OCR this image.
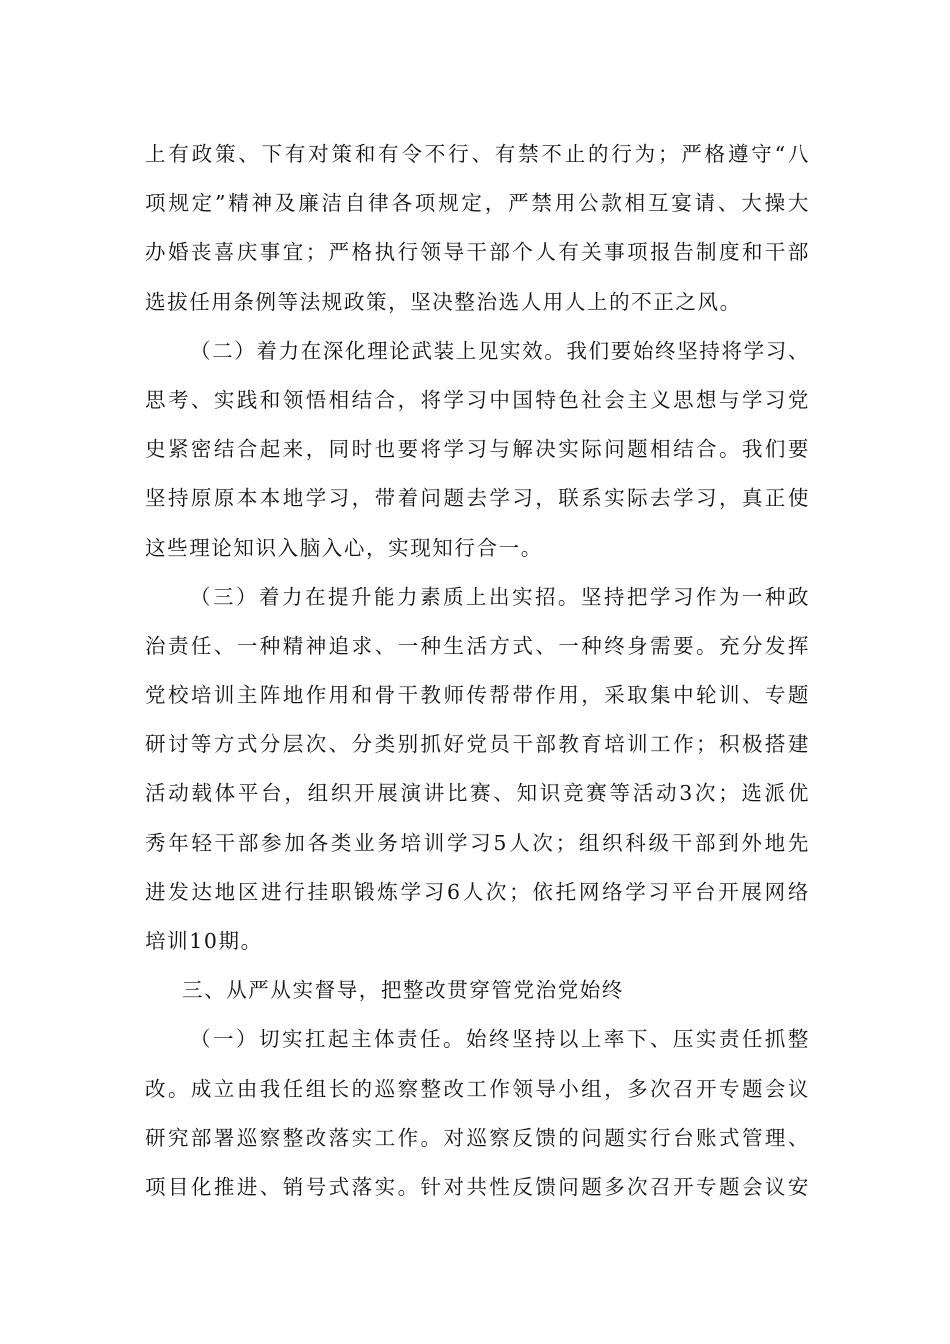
上有政策、下有对策和有令不行、有禁不止的行为；严格遵守“八
项规定”精神及廉洁自律各项规定，严禁用公款相互宴请、大操大
办婚丧喜庆事宜；严格执行领导干部个人有关事项报告制度和干部
选拔任用条例等法规政策，坚决整治选人用人上的不正之风。
（二）着力在深化理论武装上见实效。我们要始终坚持将学习、
思考、实践和领悟相结合，将学习中国特色社会主义思想与学习党
史紧密结合起来，同时也要将学习与解决实际问题相结合。我们要
坚持原原本本地学习，带着问题去学习，联系实际去学习，真正使
这些理论知识入脑入心，实现知行合一。
（三）着力在提升能力素质上出实招。坚持把学习作为一种政
治责任、一种精神追求、一种生活方式、一种终身需要。充分发挥
党校培训主阵地作用和骨干教师传帮带作用，采取集中轮训、专题
研讨等方式分层次、分类别抓好党员干部教育培训工作；积极搭建
活动载体平台，组织开展演讲比赛、知识竞赛等活动3次；选派优
秀年轻干部参加各类业务培训学习5人次；组织科级干部到外地先
进发达地区进行挂职锻炼学习6人次；依托网络学习平台开展网络
培训10期。
三、从严从实督导，把整改贯穿管党治党始终
（一）切实扛起主体责任。始终坚持以上率下、压实责任抓整
改。成立由我任组长的巡察整改工作领导小组，多次召开专题会议
研究部署巡察整改落实工作。对巡察反馈的问题实行台账式管理、
项目化推进、销号式落实。针对共性反馈问题多次召开专题会议安
